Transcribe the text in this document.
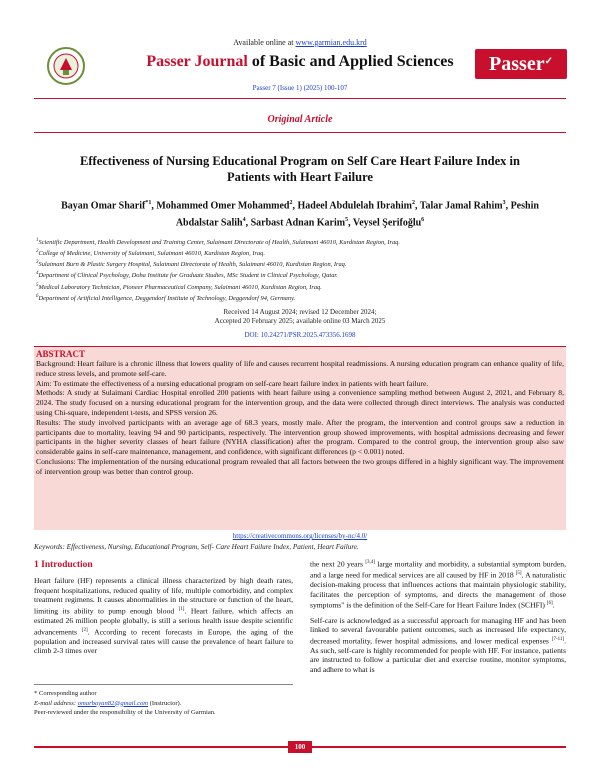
Available online at www.garmian.edu.krd
Passer Journal of Basic and Applied Sciences	Passer✓
Passer 7 (Issue 1) (2025) 100-107
Original Article
Effectiveness of Nursing Educational Program on Self Care Heart Failure Index in
Patients with Heart Failure
Bayan Omar Sharif$^{*1}$, Mohammed Omer Mohammed$^2$, Hadeel Abdulelah Ibrahim$^2$, Talar Jamal Rahim$^3$, Peshin Abdalstar Salih$^4$, Sarbast Adnan Karim$^5$, Veysel Şerifoğlu$^6$
$^1$Scientific Department, Health Development and Training Center, Sulaimani Directorate of Health, Sulaimani 46010, Kurdistan Region, Iraq.
$^2$College of Medicine, University of Sulaimani, Sulaimani 46010, Kurdistan Region, Iraq.
$^3$Sulaimani Burn & Plastic Surgery Hospital, Sulaimani Directorate of Health, Sulaimani 46010, Kurdistan Region, Iraq.
$^4$Department of Clinical Psychology, Doha Institute for Graduate Studies, MSc Student in Clinical Psychology, Qatar.
$^5$Medical Laboratory Technician, Pioneer Pharmaceutical Company, Sulaimani 46010, Kurdistan Region, Iraq.
$^6$Department of Artificial Intelligence, Deggendorf Institute of Technology, Deggendorf 94, Germany.
Received 14 August 2024; revised 12 December 2024;
Accepted 20 February 2025; available online 03 March 2025
DOI: 10.24271/PSR.2025.473356.1698
ABSTRACT
Background: Heart failure is a chronic illness that lowers quality of life and causes recurrent hospital readmissions. A nursing education program can enhance quality of life, reduce stress levels, and promote self-care.
Aim: To estimate the effectiveness of a nursing educational program on self-care heart failure index in patients with heart failure.
Methods: A study at Sulaimani Cardiac Hospital enrolled 200 patients with heart failure using a convenience sampling method between August 2, 2021, and February 8, 2024. The study focused on a nursing educational program for the intervention group, and the data were collected through direct interviews. The analysis was conducted using Chi-square, independent t-tests, and SPSS version 26.
Results: The study involved participants with an average age of 68.3 years, mostly male. After the program, the intervention and control groups saw a reduction in participants due to mortality, leaving 94 and 90 participants, respectively. The intervention group showed improvements, with hospital admissions decreasing and fewer participants in the higher severity classes of heart failure (NYHA classification) after the program. Compared to the control group, the intervention group also saw considerable gains in self-care maintenance, management, and confidence, with significant differences (p < 0.001) noted.
Conclusions: The implementation of the nursing educational program revealed that all factors between the two groups differed in a highly significant way. The improvement of intervention group was better than control group.
https://creativecommons.org/licenses/by-nc/4.0/
Keywords: Effectiveness, Nursing, Educational Program, Self- Care Heart Failure Index, Patient, Heart Failure.
1 Introduction

Heart failure (HF) represents a clinical illness characterized by high death rates, frequent hospitalizations, reduced quality of life, multiple comorbidity, and complex treatment regimens. It causes abnormalities in the structure or function of the heart, limiting its ability to pump enough blood [1]. Heart failure, which affects an estimated 26 million people globally, is still a serious health issue despite scientific advancements [2]. According to recent forecasts in Europe, the aging of the population and increased survival rates will cause the prevalence of heart failure to climb 2-3 times over

the next 20 years [3,4] large mortality and morbidity, a substantial symptom burden, and a large need for medical services are all caused by HF in 2018 [5]. A naturalistic decision-making process that influences actions that maintain physiologic stability, facilitates the perception of symptoms, and directs the management of those symptoms" is the definition of the Self-Care for Heart Failure Index (SCHFI) [6].

Self-care is acknowledged as a successful approach for managing HF and has been linked to several favourable patient outcomes, such as increased life expectancy, decreased mortality, fewer hospital admissions, and lower medical expenses [7-11]. As such, self-care is highly recommended for people with HF. For instance, patients are instructed to follow a particular diet and exercise routine, monitor symptoms, and adhere to what is

* Corresponding author
E-mail address: omarbayan82@gmail.com (Instructor).
Peer-reviewed under the responsibility of the University of Garmian.
100
